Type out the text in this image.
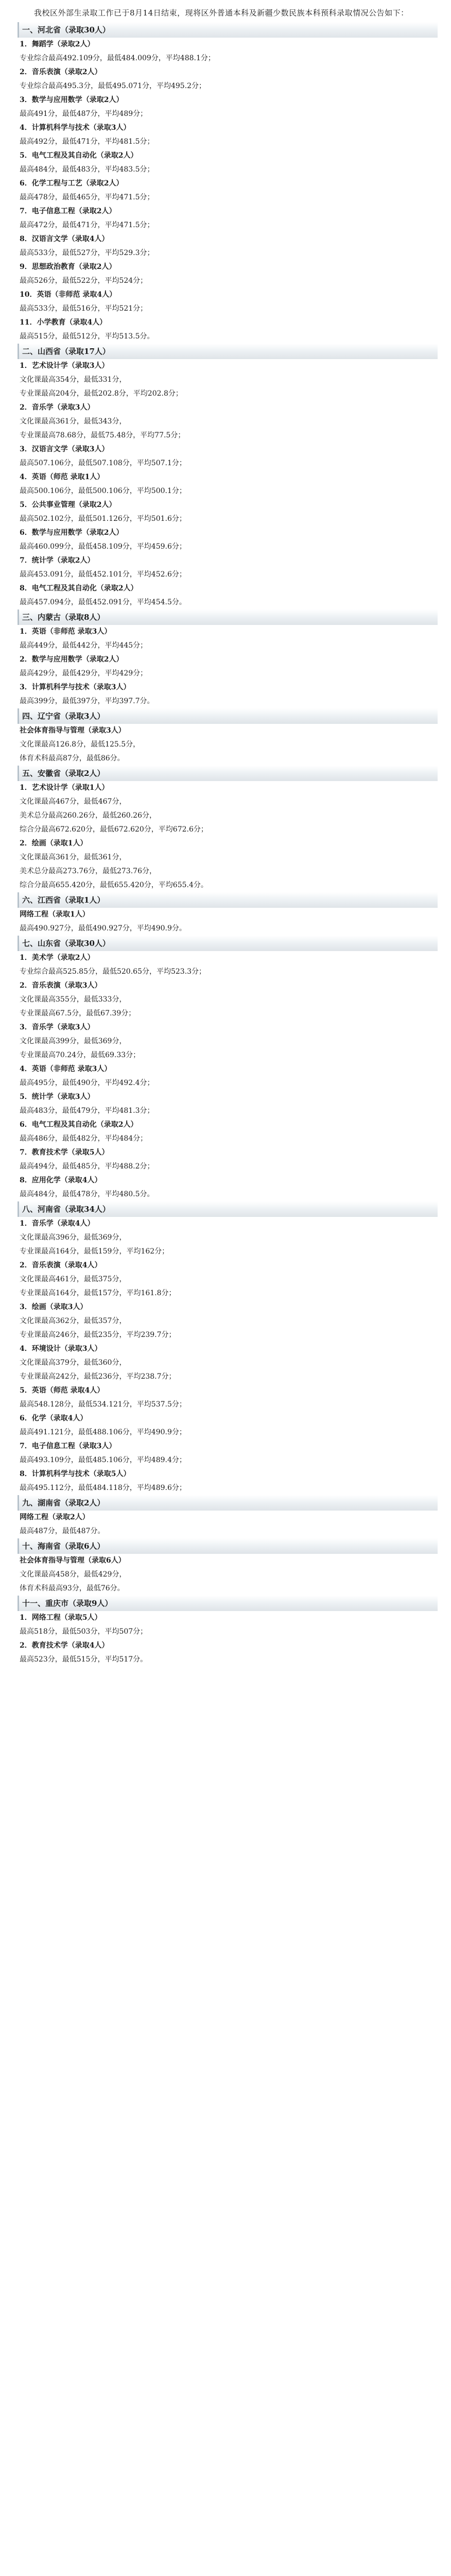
我校区外部生录取工作已于8月14日结束，现将区外普通本科及新疆少数民族本科预科录取情况公告如下：

一、河北省（录取30人）
1．舞蹈学（录取2人）
专业综合最高492.109分，最低484.009分，平均488.1分；
2．音乐表演（录取2人）
专业综合最高495.3分，最低495.071分，平均495.2分；
3．数学与应用数学（录取2人）
最高491分，最低487分，平均489分；
4．计算机科学与技术（录取3人）
最高492分，最低471分，平均481.5分；
5．电气工程及其自动化（录取2人）
最高484分，最低483分，平均483.5分；
6．化学工程与工艺（录取2人）
最高478分，最低465分，平均471.5分；
7．电子信息工程（录取2人）
最高472分，最低471分，平均471.5分；
8．汉语言文学（录取4人）
最高533分，最低527分，平均529.3分；
9．思想政治教育（录取2人）
最高526分，最低522分，平均524分；
10．英语（非师范 录取4人）
最高533分，最低516分，平均521分；
11．小学教育（录取4人）
最高515分，最低512分，平均513.5分。
二、山西省（录取17人）
1．艺术设计学（录取3人）
文化课最高354分，最低331分，
专业课最高204分，最低202.8分，平均202.8分；
2．音乐学（录取3人）
文化课最高361分，最低343分，
专业课最高78.68分，最低75.48分，平均77.5分；
3．汉语言文学（录取3人）
最高507.106分，最低507.108分，平均507.1分；
4．英语（师范 录取1人）
最高500.106分，最低500.106分，平均500.1分；
5．公共事业管理（录取2人）
最高502.102分，最低501.126分，平均501.6分；
6．数学与应用数学（录取2人）
最高460.099分，最低458.109分，平均459.6分；
7．统计学（录取2人）
最高453.091分，最低452.101分，平均452.6分；
8．电气工程及其自动化（录取2人）
最高457.094分，最低452.091分，平均454.5分。
三、内蒙古（录取8人）
1．英语（非师范 录取3人）
最高449分，最低442分，平均445分；
2．数学与应用数学（录取2人）
最高429分，最低429分，平均429分；
3．计算机科学与技术（录取3人）
最高399分，最低397分，平均397.7分。
四、辽宁省（录取3人）
社会体育指导与管理（录取3人）
文化课最高126.8分，最低125.5分，
体育术科最高87分，最低86分。
五、安徽省（录取2人）
1．艺术设计学（录取1人）
文化课最高467分，最低467分，
美术总分最高260.26分，最低260.26分，
综合分最高672.620分，最低672.620分，平均672.6分；
2．绘画（录取1人）
文化课最高361分，最低361分，
美术总分最高273.76分，最低273.76分，
综合分最高655.420分，最低655.420分，平均655.4分。
六、江西省（录取1人）
网络工程（录取1人）
最高490.927分，最低490.927分，平均490.9分。
七、山东省（录取30人）
1．美术学（录取2人）
专业综合最高525.85分，最低520.65分，平均523.3分；
2．音乐表演（录取3人）
文化课最高355分，最低333分，
专业课最高67.5分，最低67.39分；
3．音乐学（录取3人）
文化课最高399分，最低369分，
专业课最高70.24分，最低69.33分；
4．英语（非师范 录取3人）
最高495分，最低490分，平均492.4分；
5．统计学（录取3人）
最高483分，最低479分，平均481.3分；
6．电气工程及其自动化（录取2人）
最高486分，最低482分，平均484分；
7．教育技术学（录取5人）
最高494分，最低485分，平均488.2分；
8．应用化学（录取4人）
最高484分，最低478分，平均480.5分。
八、河南省（录取34人）
1．音乐学（录取4人）
文化课最高396分，最低369分，
专业课最高164分，最低159分，平均162分；
2．音乐表演（录取4人）
文化课最高461分，最低375分，
专业课最高164分，最低157分，平均161.8分；
3．绘画（录取3人）
文化课最高362分，最低357分，
专业课最高246分，最低235分，平均239.7分；
4．环境设计（录取3人）
文化课最高379分，最低360分，
专业课最高242分，最低236分，平均238.7分；
5．英语（师范 录取4人）
最高548.128分，最低534.121分，平均537.5分；
6．化学（录取4人）
最高491.121分，最低488.106分，平均490.9分；
7．电子信息工程（录取3人）
最高493.109分，最低485.106分，平均489.4分；
8．计算机科学与技术（录取5人）
最高495.112分，最低484.118分，平均489.6分；
九、湖南省（录取2人）
网络工程（录取2人）
最高487分，最低487分。
十、海南省（录取6人）
社会体育指导与管理（录取6人）
文化课最高458分，最低429分，
体育术科最高93分，最低76分。
十一、重庆市（录取9人）
1．网络工程（录取5人）
最高518分，最低503分，平均507分；
2．教育技术学（录取4人）
最高523分，最低515分，平均517分。
